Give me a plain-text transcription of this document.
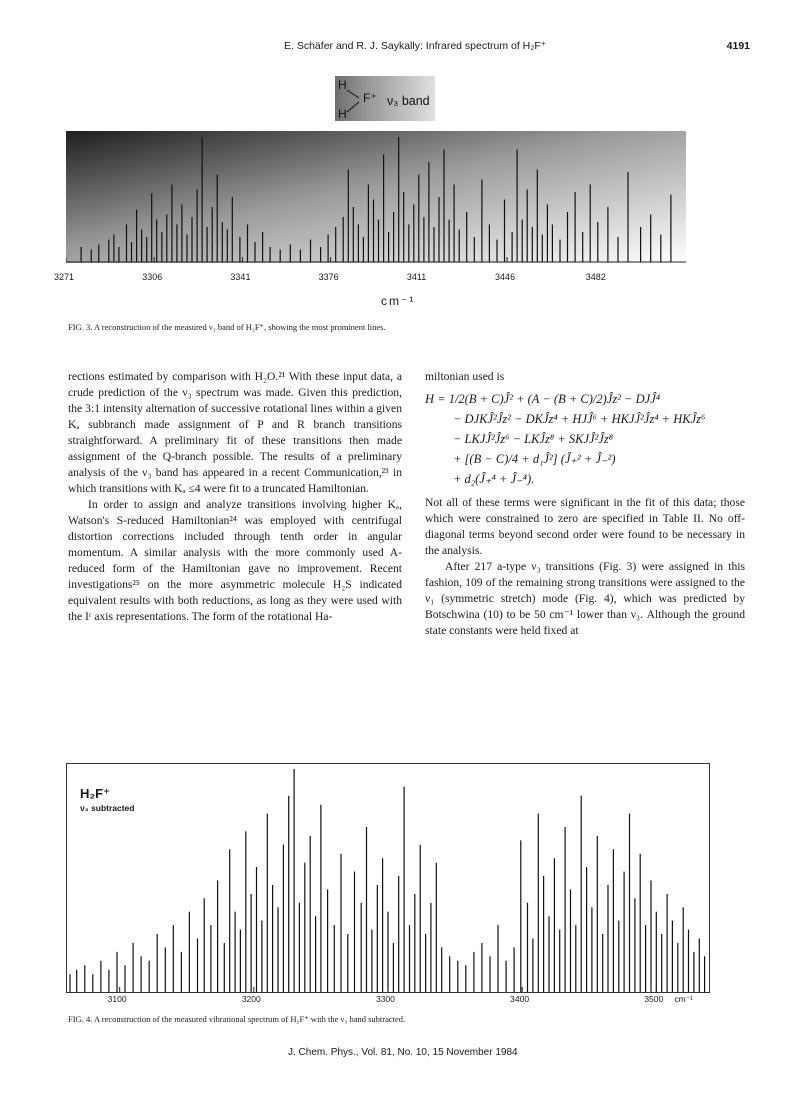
E. Schäfer and R. J. Saykally: Infrared spectrum of H₂F⁺	4191
H
H
F⁺ ν₃ band
3271	3306	3341	3376	3411	3446	3482
cm⁻¹
FIG. 3. A reconstruction of the measured ν₃ band of H₂F⁺, showing the most prominent lines.

rections estimated by comparison with H₂O.²¹ With these input data, a crude prediction of the ν₃ spectrum was made. Given this prediction, the 3:1 intensity alternation of successive rotational lines within a given Kₐ subbranch made assignment of P and R branch transitions straightforward. A preliminary fit of these transitions then made assignment of the Q-branch possible. The results of a preliminary analysis of the ν₃ band has appeared in a recent Communication,²³ in which transitions with Kₐ ≤4 were fit to a truncated Hamiltonian.

In order to assign and analyze transitions involving higher Kₐ, Watson's S-reduced Hamiltonian²⁴ was employed with centrifugal distortion corrections included through tenth order in angular momentum. A similar analysis with the more commonly used A-reduced form of the Hamiltonian gave no improvement. Recent investigations²⁵ on the more asymmetric molecule H₂S indicated equivalent results with both reductions, as long as they were used with the Iʳ axis representations. The form of the rotational Ha-

miltonian used is

H = 1/2(B + C)Ĵ² + (A − (B + C)/2)Ĵz² − DJĴ⁴
− DJKĴ²Ĵz² − DKĴz⁴ + HJĴ⁶ + HKJĴ²Ĵz⁴ + HKĴz⁶
− LKJĴ²Ĵz⁶ − LKĴz⁸ + SKJĴ²Ĵz⁸
+ [(B − C)/4 + d₁Ĵ²] (Ĵ₊² + Ĵ₋²)
+ d₂(Ĵ₊⁴ + Ĵ₋⁴).

Not all of these terms were significant in the fit of this data; those which were constrained to zero are specified in Table II. No off-diagonal terms beyond second order were found to be necessary in the analysis.

After 217 a-type ν₃ transitions (Fig. 3) were assigned in this fashion, 109 of the remaining strong transitions were assigned to the ν₁ (symmetric stretch) mode (Fig. 4), which was predicted by Botschwina (10) to be 50 cm⁻¹ lower than ν₃. Although the ground state constants were held fixed at

H₂F⁺
ν₃ subtracted
3100	3200	3300	3400	3500 cm⁻¹
FIG. 4. A reconstruction of the measured vibrational spectrum of H₂F⁺ with the ν₃ band subtracted.
J. Chem. Phys., Vol. 81, No. 10, 15 November 1984
